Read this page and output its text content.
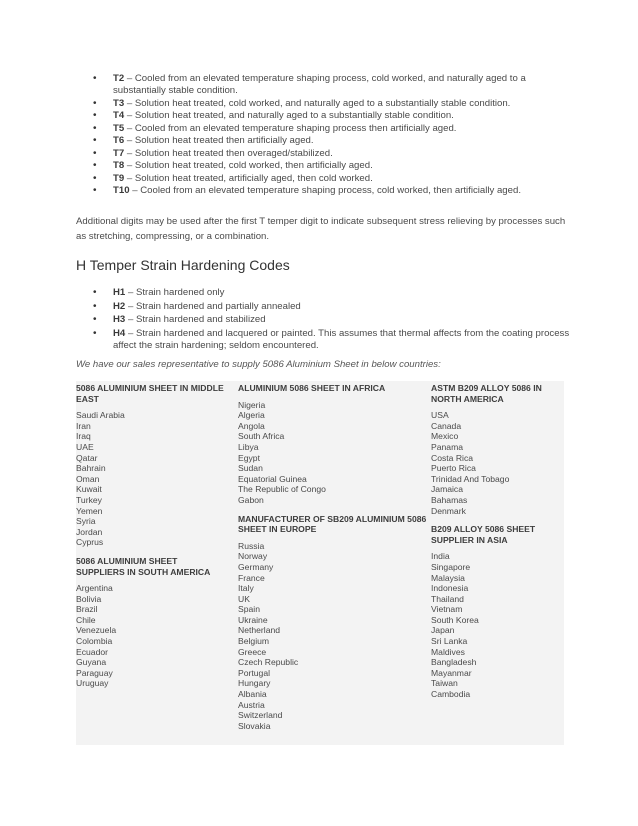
• T2 – Cooled from an elevated temperature shaping process, cold worked, and naturally aged to a substantially stable condition.
• T3 – Solution heat treated, cold worked, and naturally aged to a substantially stable condition.
• T4 – Solution heat treated, and naturally aged to a substantially stable condition.
• T5 – Cooled from an elevated temperature shaping process then artificially aged.
• T6 – Solution heat treated then artificially aged.
• T7 – Solution heat treated then overaged/stabilized.
• T8 – Solution heat treated, cold worked, then artificially aged.
• T9 – Solution heat treated, artificially aged, then cold worked.
• T10 – Cooled from an elevated temperature shaping process, cold worked, then artificially aged.

Additional digits may be used after the first T temper digit to indicate subsequent stress relieving by processes such as stretching, compressing, or a combination.

H Temper Strain Hardening Codes
• H1 – Strain hardened only
• H2 – Strain hardened and partially annealed
• H3 – Strain hardened and stabilized
• H4 – Strain hardened and lacquered or painted. This assumes that thermal affects from the coating process affect the strain hardening; seldom encountered.

We have our sales representative to supply 5086 Aluminium Sheet in below countries:

5086 ALUMINIUM SHEET IN MIDDLE EAST
Saudi Arabia
Iran
Iraq
UAE
Qatar
Bahrain
Oman
Kuwait
Turkey
Yemen
Syria
Jordan
Cyprus
5086 ALUMINIUM SHEET SUPPLIERS IN SOUTH AMERICA
Argentina
Bolivia
Brazil
Chile
Venezuela
Colombia
Ecuador
Guyana
Paraguay
Uruguay
ALUMINIUM 5086 SHEET IN AFRICA
Nigeria
Algeria
Angola
South Africa
Libya
Egypt
Sudan
Equatorial Guinea
The Republic of Congo
Gabon
MANUFACTURER OF SB209 ALUMINIUM 5086 SHEET IN EUROPE
Russia
Norway
Germany
France
Italy
UK
Spain
Ukraine
Netherland
Belgium
Greece
Czech Republic
Portugal
Hungary
Albania
Austria
Switzerland
Slovakia
ASTM B209 ALLOY 5086 IN NORTH AMERICA
USA
Canada
Mexico
Panama
Costa Rica
Puerto Rica
Trinidad And Tobago
Jamaica
Bahamas
Denmark
B209 ALLOY 5086 SHEET SUPPLIER IN ASIA
India
Singapore
Malaysia
Indonesia
Thailand
Vietnam
South Korea
Japan
Sri Lanka
Maldives
Bangladesh
Mayanmar
Taiwan
Cambodia
